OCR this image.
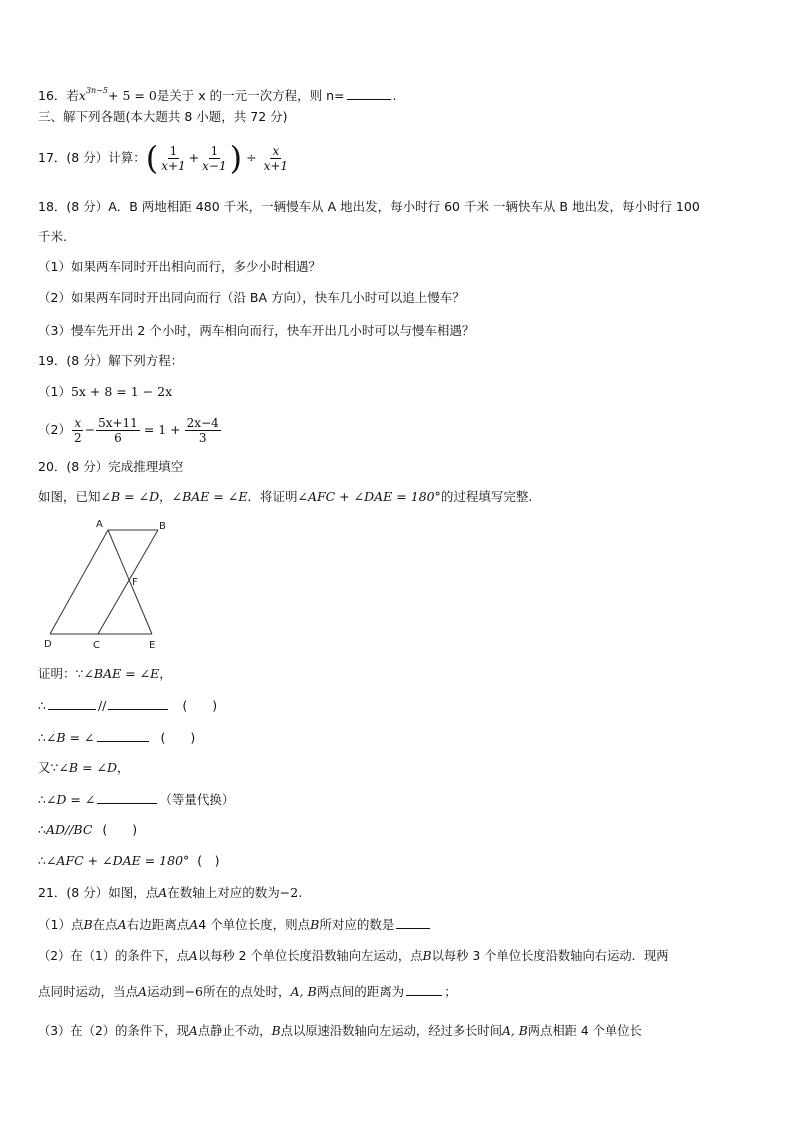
16．若$x^{3n-5}+ 5 = 0$是关于 x 的一元一次方程，则 n=	.
三、解下列各题(本大题共 8 小题，共 72 分)
17．(8 分）计算： ( $\frac{1}{x+1} + \frac{1}{x-1}$ ) ÷ $\frac{x}{x+1}$
18．(8 分）A．B 两地相距 480 千米，一辆慢车从 A 地出发，每小时行 60 千米 一辆快车从 B 地出发，每小时行 100
千米.
（1）如果两车同时开出相向而行，多少小时相遇？
（2）如果两车同时开出同向而行（沿 BA 方向），快车几小时可以追上慢车？
（3）慢车先开出 2 个小时，两车相向而行，快车开出几小时可以与慢车相遇？
19．(8 分）解下列方程：
（1）5x + 8 = 1 − 2x
$(2) \frac{x}{2} - \frac{5x+11}{6} = 1 + \frac{2x-4}{3}$
20．(8 分）完成推理填空
如图，已知∠B = ∠D，∠BAE = ∠E．将证明∠AFC + ∠DAE = 180°的过程填写完整.
A	B
F
D	C	E
证明：∵∠BAE = ∠E，
∴	//	(　　)
∴∠B = ∠	(　　)
又∵∠B = ∠D，
∴∠D = ∠	（等量代换）
∴AD//BC (　　)
∴∠AFC + ∠DAE = 180° (　)
21．(8 分）如图，点A在数轴上对应的数为−2.
（1）点B在点A右边距离点A4 个单位长度，则点B所对应的数是
（2）在（1）的条件下，点A以每秒 2 个单位长度沿数轴向左运动，点B以每秒 3 个单位长度沿数轴向右运动．现两
点同时运动，当点A运动到−6所在的点处时，A, B两点间的距离为	；
（3）在（2）的条件下，现A点静止不动，B点以原速沿数轴向左运动，经过多长时间A, B两点相距 4 个单位长
